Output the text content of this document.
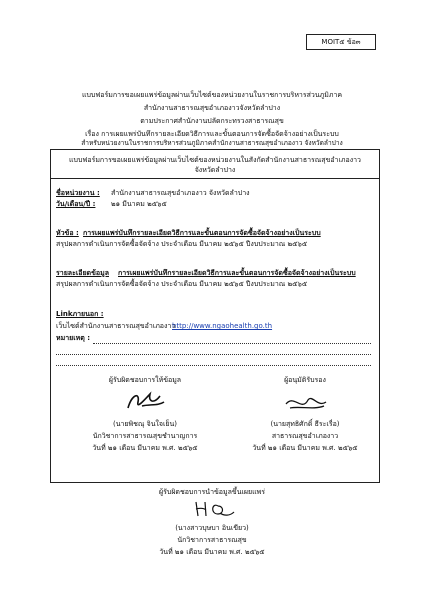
MOIT๕ ข้อ๓
แบบฟอร์มการขอเผยแพร่ข้อมูลผ่านเว็บไซต์ของหน่วยงานในราชการบริหารส่วนภูมิภาค
สำนักงานสาธารณสุขอำเภองาวจังหวัดลำปาง
ตามประกาศสำนักงานปลัดกระทรวงสาธารณสุข
เรื่อง การเผยแพร่บันทึกรายละเอียดวิธีการและขั้นตอนการจัดซื้อจัดจ้างอย่างเป็นระบบ
สำหรับหน่วยงานในราชการบริหารส่วนภูมิภาคสำนักงานสาธารณสุขอำเภองาว จังหวัดลำปาง
แบบฟอร์มการขอเผยแพร่ข้อมูลผ่านเว็บไซต์ของหน่วยงานในสังกัดสำนักงานสาธารณสุขอำเภองาว
จังหวัดลำปาง
ชื่อหน่วยงาน : สำนักงานสาธารณสุขอำเภองาว จังหวัดลำปาง
วัน/เดือน/ปี : ๒๑ มีนาคม ๒๕๖๕
หัวข้อ : การเผยแพร่บันทึกรายละเอียดวิธีการและขั้นตอนการจัดซื้อจัดจ้างอย่างเป็นระบบ
สรุปผลการดำเนินการจัดซื้อจัดจ้าง ประจำเดือน มีนาคม ๒๕๖๕ ปีงบประมาณ ๒๕๖๕
รายละเอียดข้อมูล การเผยแพร่บันทึกรายละเอียดวิธีการและขั้นตอนการจัดซื้อจัดจ้างอย่างเป็นระบบ
สรุปผลการดำเนินการจัดซื้อจัดจ้าง ประจำเดือน มีนาคม ๒๕๖๕ ปีงบประมาณ ๒๕๖๕
Linkภายนอก :
เว็บไซต์สำนักงานสาธารณสุขอำเภองาว
http://www.ngaohealth.go.th
หมายเหตุ :
ผู้รับผิดชอบการให้ข้อมูล
(นายพิชณุ จินใจเย็น)
นักวิชาการสาธารณสุขชำนาญการ
วันที่ ๒๑ เดือน มีนาคม พ.ศ. ๒๕๖๕
ผู้อนุมัติรับรอง
(นายสุทธิศักดิ์ ธีระเรื่อ)
สาธารณสุขอำเภองาว
วันที่ ๒๑ เดือน มีนาคม พ.ศ. ๒๕๖๕
ผู้รับผิดชอบการนำข้อมูลขึ้นเผยแพร่
(นางสาวบุษบา อินเขียว)
นักวิชาการสาธารณสุข
วันที่ ๒๑ เดือน มีนาคม พ.ศ. ๒๕๖๕
